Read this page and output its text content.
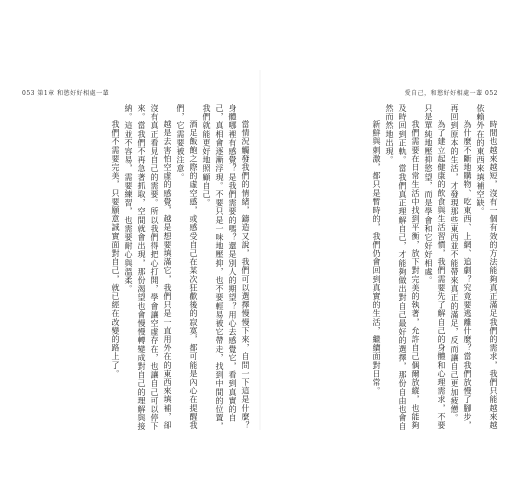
053 第1章 和慾好好相處一輩

當情況觸發我們的情緒，鑄造又說，我們可以選擇慢慢下來，自問一下這是什麼？身體哪裡有感覺？是我們需要的嗎？還是別人的期望？用心去感覺它，看到真實的自己，真相會逐漸浮現。不要只是一味地壓抑，也不要輕易被它帶走，找到中間的位置，我們就能更好地照顧自己。

酒足飯飽之際的虛空感，或感受自己在某次狂歡後的寂寞，都可能是內心在提醒我們，它需要被注意。

越是去害怕空虛的感覺，越是想要填滿它，我們只是一直用外在的東西來填補，卻沒有真正看見自己的需要。所以我們得把心打開，學會讓空虛存在，也讓自己可以停下來。當我們不再急著抓取，空間就會出現，那份渴望也會慢慢轉變成對自己的理解與接納。這並不容易，需要練習，也需要耐心與溫柔。

我們不需要完美，只要願意誠實面對自己，就已經在改變的路上了。

愛自己，和慾好好相處一輩 052

時間也越來越短，沒有一個有效的方法能夠真正滿足我們的需求，我們只能越來越依賴外在的東西來填補空缺。

為什麼不斷地購物、吃東西、上網、追劇？究竟要逃離什麼？當我們放慢了腳步，再回到原本的生活，才發現那些東西並不能帶來真正的滿足，反而讓自己更加疲憊。

為了建立起健康的飲食與生活習慣，我們需要先了解自己的身體和心理需求，不要只是單純地壓抑慾望，而是學會和它好好相處。

我們需要在日常生活中找到平衡，放下對完美的執著，允許自己偶爾放縱，也能夠及時回到正軌。當我們真正理解自己，才能夠做出對自己最好的選擇，那份自由也會自然而然地出現。

新鮮與刺激，都只是暫時的，我們仍會回到真實的生活，繼續面對日常。
